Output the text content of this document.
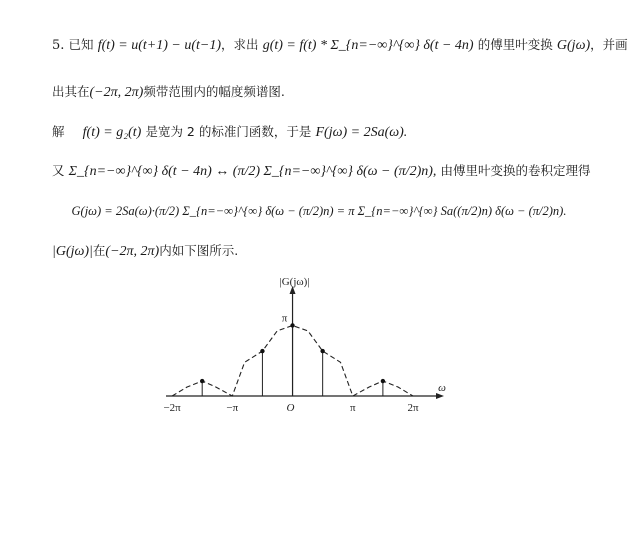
5. 已知 f(t) = u(t+1) − u(t−1)，求出 g(t) = f(t) * Σ_{n=−∞}^{∞} δ(t − 4n) 的傅里叶变换 G(jω)，并画
出其在(−2π, 2π)频带范围内的幅度频谱图.
解 f(t) = g₂(t) 是宽为 2 的标准门函数，于是 F(jω) = 2Sa(ω).
又 Σ_{n=−∞}^{∞} δ(t − 4n) ↔ (π/2) Σ_{n=−∞}^{∞} δ(ω − (π/2)n), 由傅里叶变换的卷积定理得
G(jω) = 2Sa(ω)·(π/2) Σ_{n=−∞}^{∞} δ(ω − (π/2)n) = π Σ_{n=−∞}^{∞} Sa((π/2)n) δ(ω − (π/2)n).
|G(jω)|在(−2π, 2π)内如下图所示.
−2π	−π	O	π	2π
π
|G(jω)|
ω
